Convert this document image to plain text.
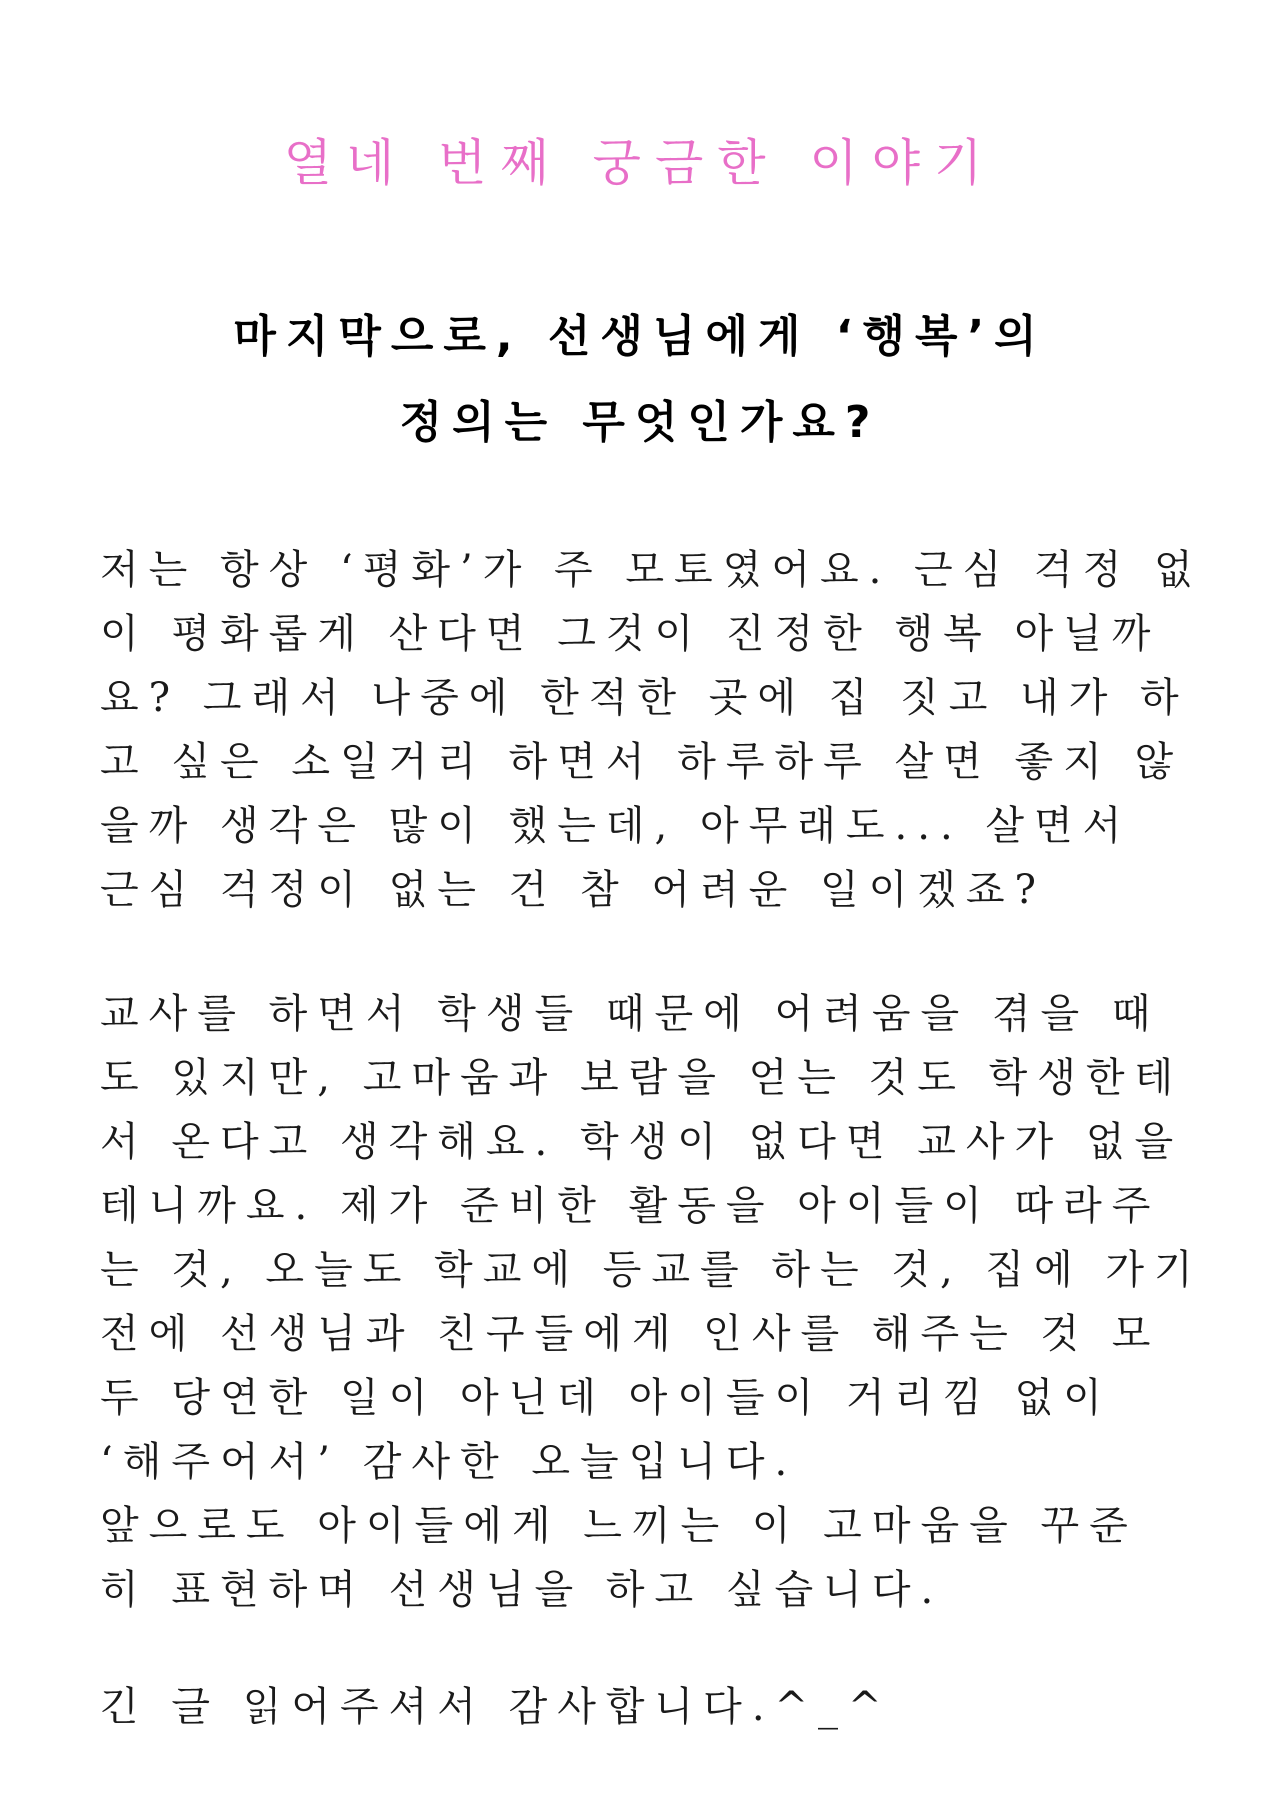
열네 번째 궁금한 이야기
마지막으로, 선생님에게 ‘행복’의
정의는 무엇인가요?
저는 항상 ‘평화’가 주 모토였어요. 근심 걱정 없
이 평화롭게 산다면 그것이 진정한 행복 아닐까
요? 그래서 나중에 한적한 곳에 집 짓고 내가 하
고 싶은 소일거리 하면서 하루하루 살면 좋지 않
을까 생각은 많이 했는데, 아무래도... 살면서
근심 걱정이 없는 건 참 어려운 일이겠죠?
교사를 하면서 학생들 때문에 어려움을 겪을 때
도 있지만, 고마움과 보람을 얻는 것도 학생한테
서 온다고 생각해요. 학생이 없다면 교사가 없을
테니까요. 제가 준비한 활동을 아이들이 따라주
는 것, 오늘도 학교에 등교를 하는 것, 집에 가기
전에 선생님과 친구들에게 인사를 해주는 것 모
두 당연한 일이 아닌데 아이들이 거리낌 없이
‘해주어서’ 감사한 오늘입니다.
앞으로도 아이들에게 느끼는 이 고마움을 꾸준
히 표현하며 선생님을 하고 싶습니다.
긴 글 읽어주셔서 감사합니다.^_^
